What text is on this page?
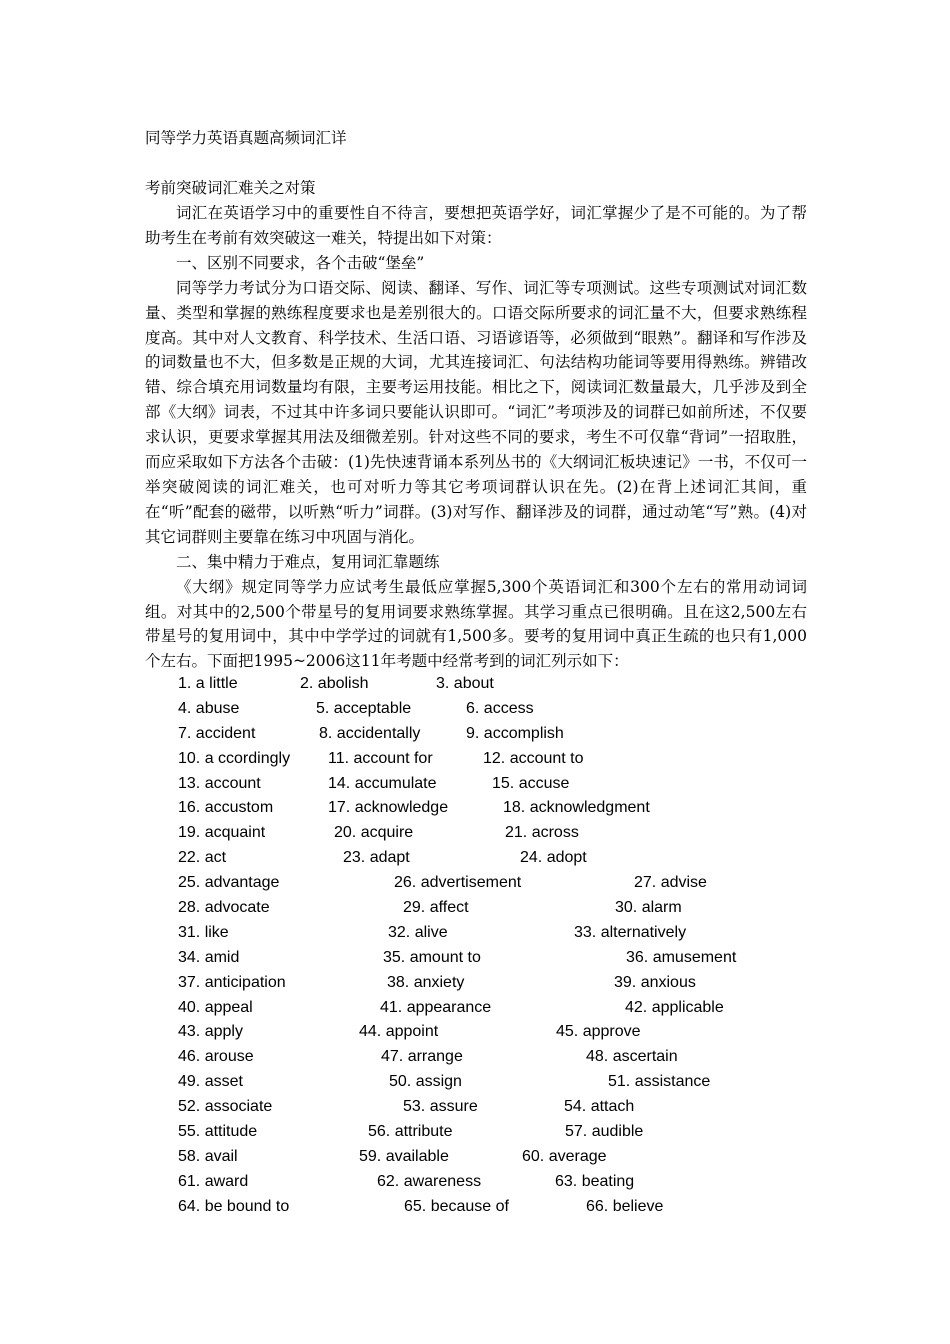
同等学力英语真题高频词汇详
考前突破词汇难关之对策

词汇在英语学习中的重要性自不待言，要想把英语学好，词汇掌握少了是不可能的。为了帮助考生在考前有效突破这一难关，特提出如下对策：

一、区别不同要求，各个击破“堡垒”

同等学力考试分为口语交际、阅读、翻译、写作、词汇等专项测试。这些专项测试对词汇数量、类型和掌握的熟练程度要求也是差别很大的。口语交际所要求的词汇量不大，但要求熟练程度高。其中对人文教育、科学技术、生活口语、习语谚语等，必须做到“眼熟”。翻译和写作涉及的词数量也不大，但多数是正规的大词，尤其连接词汇、句法结构功能词等要用得熟练。辨错改错、综合填充用词数量均有限，主要考运用技能。相比之下，阅读词汇数量最大，几乎涉及到全部《大纲》词表，不过其中许多词只要能认识即可。“词汇”考项涉及的词群已如前所述，不仅要求认识，更要求掌握其用法及细微差别。针对这些不同的要求，考生不可仅靠“背词”一招取胜，而应采取如下方法各个击破：(1)先快速背诵本系列丛书的《大纲词汇板块速记》一书，不仅可一举突破阅读的词汇难关，也可对听力等其它考项词群认识在先。(2)在背上述词汇其间，重在“听”配套的磁带，以听熟“听力”词群。(3)对写作、翻译涉及的词群，通过动笔“写”熟。(4)对其它词群则主要靠在练习中巩固与消化。

二、集中精力于难点，复用词汇靠题练

《大纲》规定同等学力应试考生最低应掌握5,300个英语词汇和300个左右的常用动词词组。对其中的2,500个带星号的复用词要求熟练掌握。其学习重点已很明确。且在这2,500左右带星号的复用词中，其中中学学过的词就有1,500多。要考的复用词中真正生疏的也只有1,000个左右。下面把1995~2006这11年考题中经常考到的词汇列示如下：

1. a little	2. abolish	3. about
4. abuse	5. acceptable	6. access
7. accident	8. accidentally	9. accomplish
10. a ccordingly 11. account for	12. account to
13. account	14. accumulate	15. accuse
16. accustom	17. acknowledge	18. acknowledgment
19. acquaint	20. acquire	21. across
22. act	23. adapt	24. adopt
25. advantage	26. advertisement	27. advise
28. advocate	29. affect	30. alarm
31. like	32. alive	33. alternatively
34. amid	35. amount to	36. amusement
37. anticipation	38. anxiety	39. anxious
40. appeal	41. appearance	42. applicable
43. apply	44. appoint	45. approve
46. arouse	47. arrange	48. ascertain
49. asset	50. assign	51. assistance
52. associate	53. assure	54. attach
55. attitude	56. attribute	57. audible
58. avail	59. available	60. average
61. award	62. awareness	63. beating
64. be bound to	65. because of	66. believe
